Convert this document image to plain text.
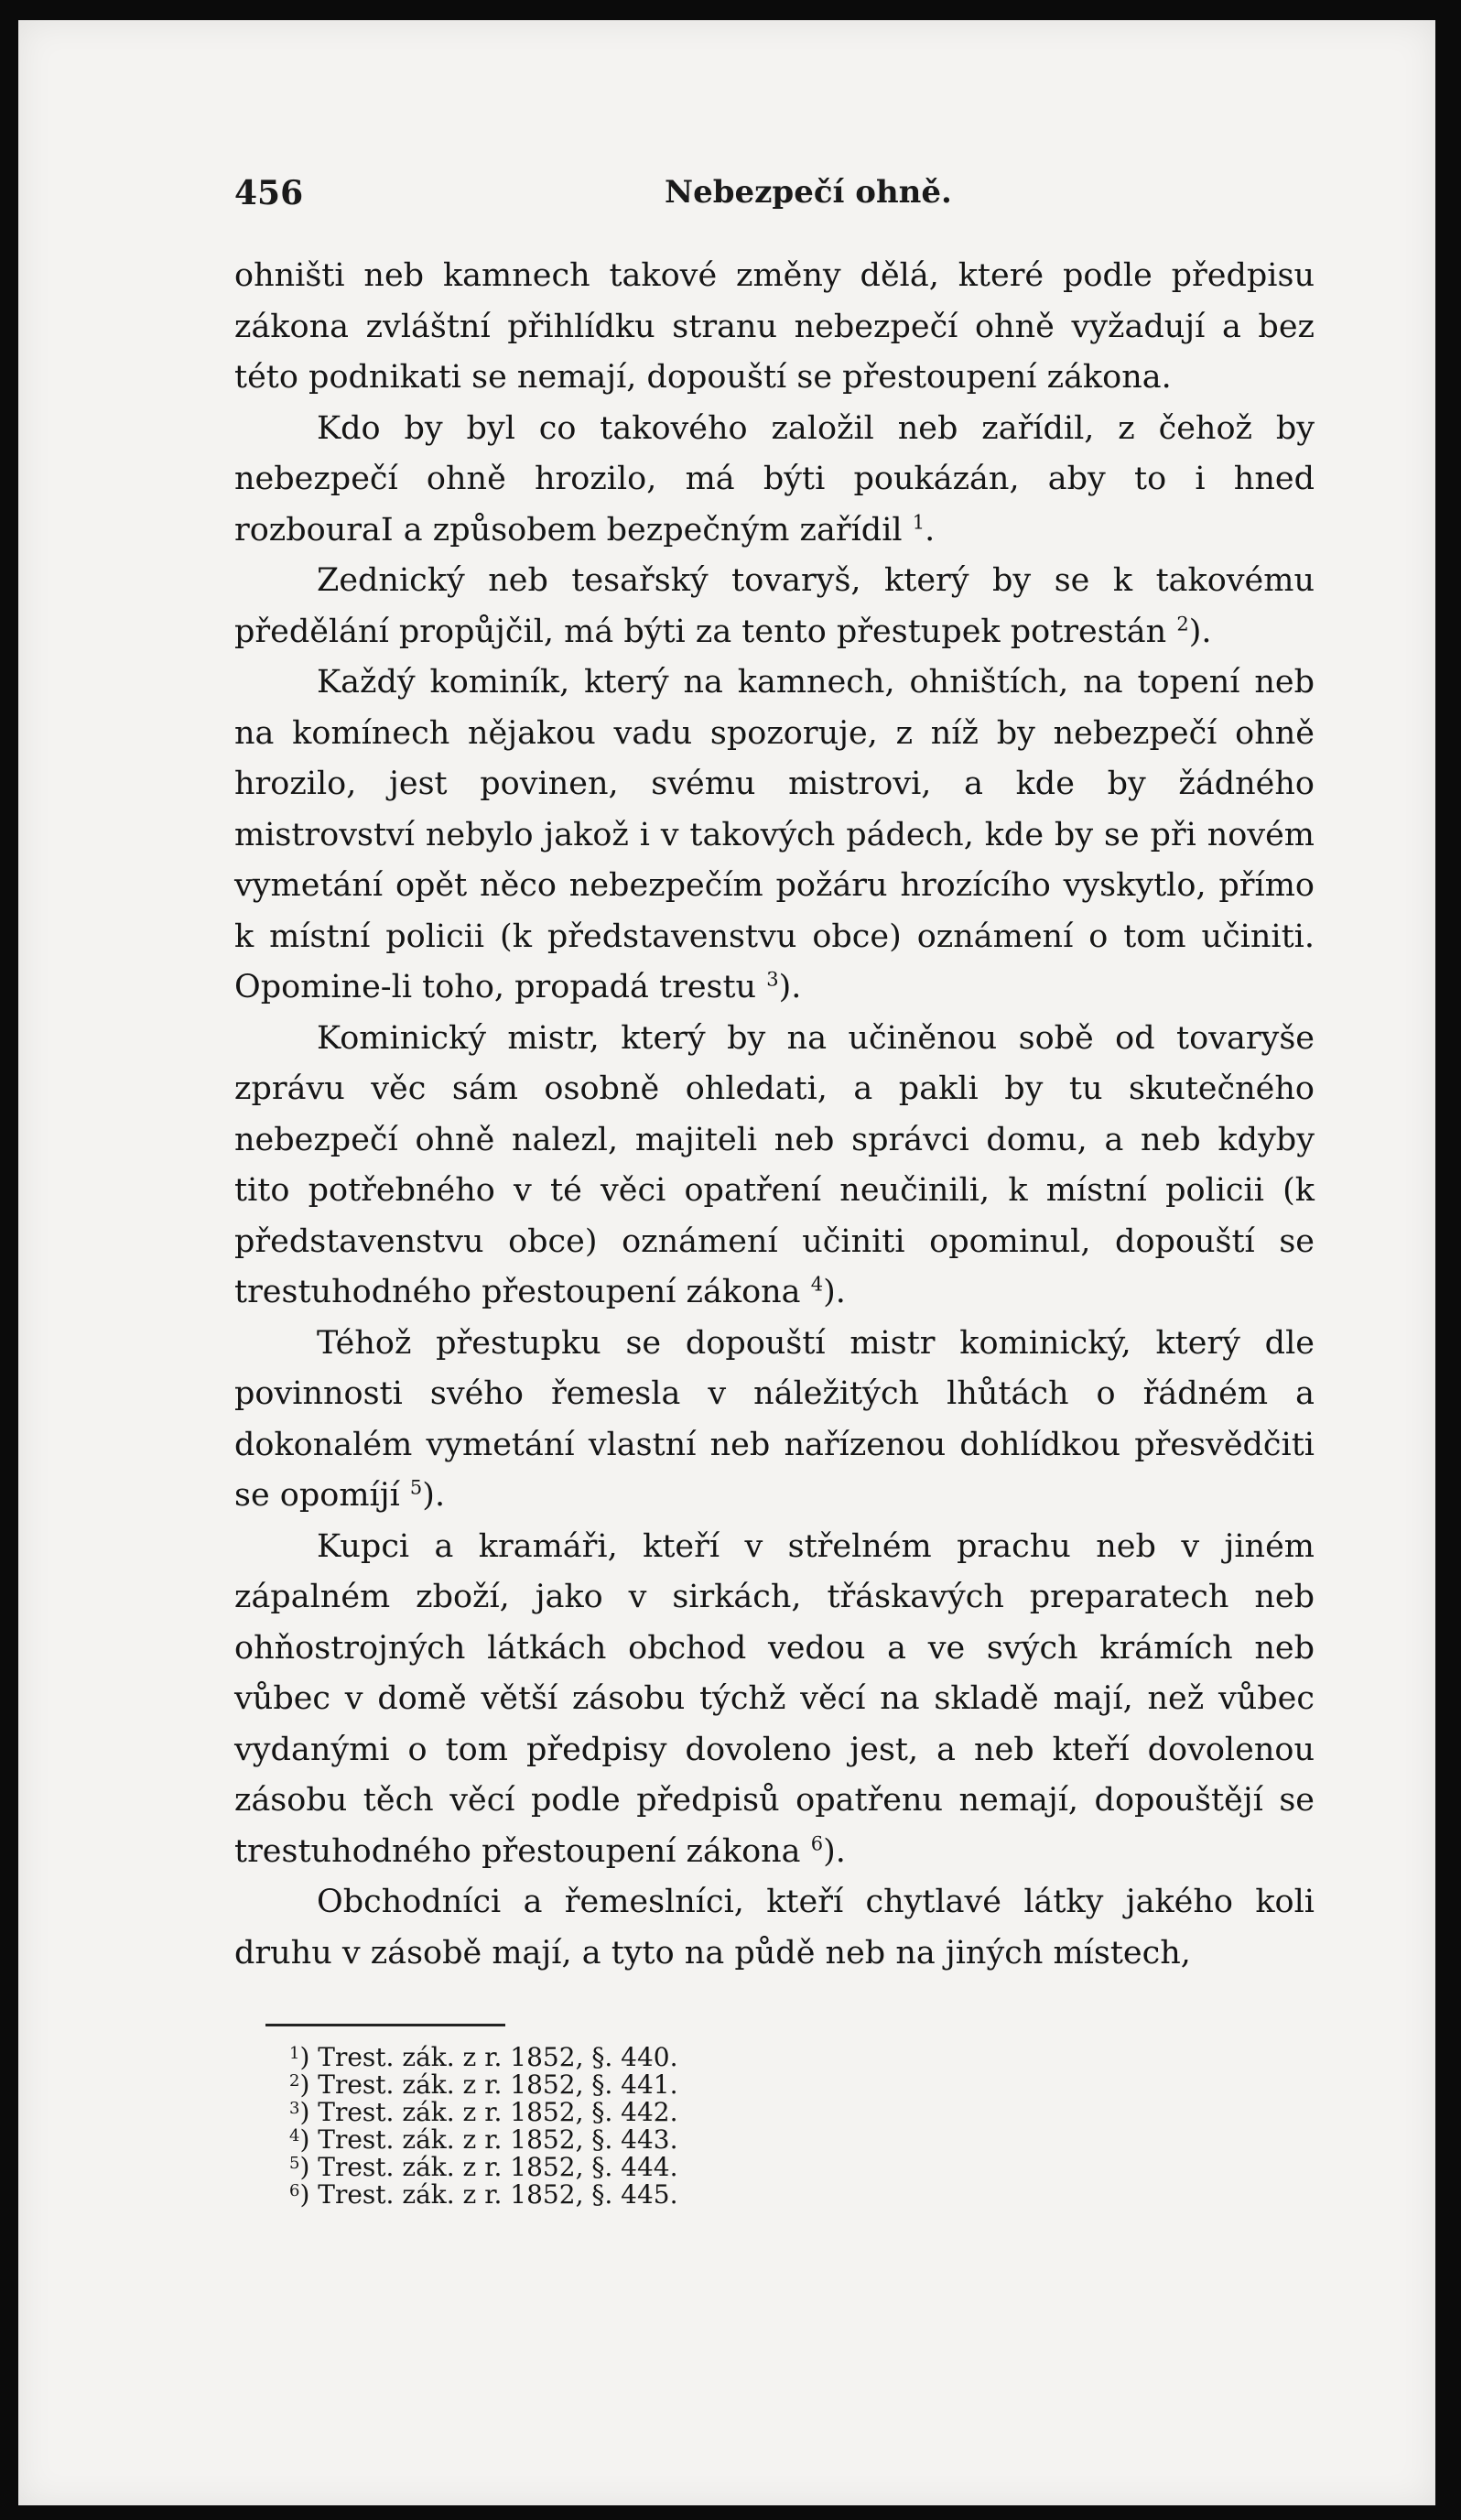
456	Nebezpečí ohně.

ohništi neb kamnech takové změny dělá, které podle předpisu zákona zvláštní přihlídku stranu nebezpečí ohně vyžadují a bez této podnikati se nemají, dopouští se přestoupení zákona.

Kdo by byl co takového založil neb zařídil, z čehož by nebezpečí ohně hrozilo, má býti poukázán, aby to i hned rozbouraI a způsobem bezpečným zařídil $^1$.

Zednický neb tesařský tovaryš, který by se k takovému předělání propůjčil, má býti za tento přestupek potrestán $^2$).

Každý kominík, který na kamnech, ohništích, na topení neb na komínech nějakou vadu spozoruje, z níž by nebezpečí ohně hrozilo, jest povinen, svému mistrovi, a kde by žádného mistrovství nebylo jakož i v takových pádech, kde by se při novém vymetání opět něco nebezpečím požáru hrozícího vyskytlo, přímo k místní policii (k představenstvu obce) oznámení o tom učiniti. Opomine-li toho, propadá trestu $^3$).

Kominický mistr, který by na učiněnou sobě od tovaryše zprávu věc sám osobně ohledati, a pakli by tu skutečného nebezpečí ohně nalezl, majiteli neb správci domu, a neb kdyby tito potřebného v té věci opatření neučinili, k místní policii (k představenstvu obce) oznámení učiniti opominul, dopouští se trestuhodného přestoupení zákona $^4$).

Téhož přestupku se dopouští mistr kominický, který dle povinnosti svého řemesla v náležitých lhůtách o řádném a dokonalém vymetání vlastní neb nařízenou dohlídkou přesvědčiti se opomíjí $^5$).

Kupci a kramáři, kteří v střelném prachu neb v jiném zápalném zboží, jako v sirkách, třáskavých preparatech neb ohňostrojných látkách obchod vedou a ve svých krámích neb vůbec v domě větší zásobu týchž věcí na skladě mají, než vůbec vydanými o tom předpisy dovoleno jest, a neb kteří dovolenou zásobu těch věcí podle předpisů opatřenu nemají, dopouštějí se trestuhodného přestoupení zákona $^6$).

Obchodníci a řemeslníci, kteří chytlavé látky jakého koli druhu v zásobě mají, a tyto na půdě neb na jiných místech,

$^1$) Trest. zák. z r. 1852, §. 440.
$^2$) Trest. zák. z r. 1852, §. 441.
$^3$) Trest. zák. z r. 1852, §. 442.
$^4$) Trest. zák. z r. 1852, §. 443.
$^5$) Trest. zák. z r. 1852, §. 444.
$^6$) Trest. zák. z r. 1852, §. 445.
